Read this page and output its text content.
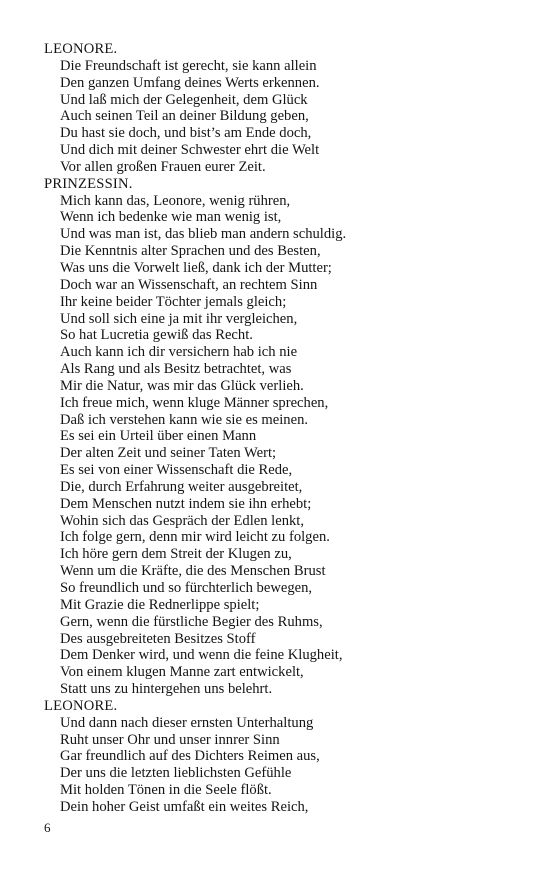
LEONORE.
Die Freundschaft ist gerecht, sie kann allein
Den ganzen Umfang deines Werts erkennen.
Und laß mich der Gelegenheit, dem Glück
Auch seinen Teil an deiner Bildung geben,
Du hast sie doch, und bist’s am Ende doch,
Und dich mit deiner Schwester ehrt die Welt
Vor allen großen Frauen eurer Zeit.
PRINZESSIN.
Mich kann das, Leonore, wenig rühren,
Wenn ich bedenke wie man wenig ist,
Und was man ist, das blieb man andern schuldig.
Die Kenntnis alter Sprachen und des Besten,
Was uns die Vorwelt ließ, dank ich der Mutter;
Doch war an Wissenschaft, an rechtem Sinn
Ihr keine beider Töchter jemals gleich;
Und soll sich eine ja mit ihr vergleichen,
So hat Lucretia gewiß das Recht.
Auch kann ich dir versichern hab ich nie
Als Rang und als Besitz betrachtet, was
Mir die Natur, was mir das Glück verlieh.
Ich freue mich, wenn kluge Männer sprechen,
Daß ich verstehen kann wie sie es meinen.
Es sei ein Urteil über einen Mann
Der alten Zeit und seiner Taten Wert;
Es sei von einer Wissenschaft die Rede,
Die, durch Erfahrung weiter ausgebreitet,
Dem Menschen nutzt indem sie ihn erhebt;
Wohin sich das Gespräch der Edlen lenkt,
Ich folge gern, denn mir wird leicht zu folgen.
Ich höre gern dem Streit der Klugen zu,
Wenn um die Kräfte, die des Menschen Brust
So freundlich und so fürchterlich bewegen,
Mit Grazie die Rednerlippe spielt;
Gern, wenn die fürstliche Begier des Ruhms,
Des ausgebreiteten Besitzes Stoff
Dem Denker wird, und wenn die feine Klugheit,
Von einem klugen Manne zart entwickelt,
Statt uns zu hintergehen uns belehrt.
LEONORE.
Und dann nach dieser ernsten Unterhaltung
Ruht unser Ohr und unser innrer Sinn
Gar freundlich auf des Dichters Reimen aus,
Der uns die letzten lieblichsten Gefühle
Mit holden Tönen in die Seele flößt.
Dein hoher Geist umfaßt ein weites Reich,
6
